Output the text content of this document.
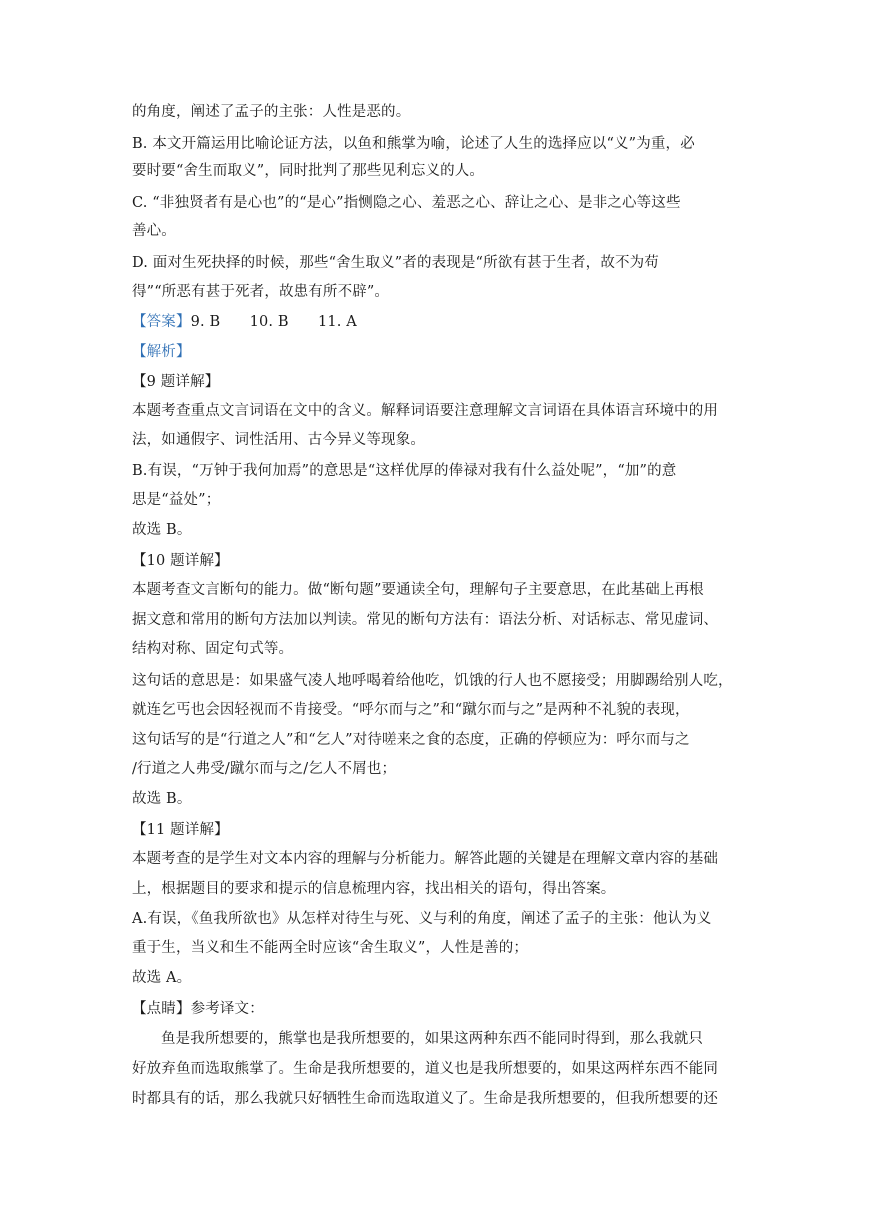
的角度，阐述了孟子的主张：人性是恶的。
B. 本文开篇运用比喻论证方法，以鱼和熊掌为喻，论述了人生的选择应以“义”为重，必
要时要“舍生而取义”，同时批判了那些见利忘义的人。
C. “非独贤者有是心也”的“是心”指恻隐之心、羞恶之心、辞让之心、是非之心等这些
善心。
D. 面对生死抉择的时候，那些“舍生取义”者的表现是“所欲有甚于生者，故不为苟
得”“所恶有甚于死者，故患有所不辟”。
【答案】9. B　　10. B　　11. A
【解析】
【9 题详解】
本题考查重点文言词语在文中的含义。解释词语要注意理解文言词语在具体语言环境中的用
法，如通假字、词性活用、古今异义等现象。
B.有误，“万钟于我何加焉”的意思是“这样优厚的俸禄对我有什么益处呢”，“加”的意
思是“益处”；
故选 B。
【10 题详解】
本题考查文言断句的能力。做“断句题”要通读全句，理解句子主要意思，在此基础上再根
据文意和常用的断句方法加以判读。常见的断句方法有：语法分析、对话标志、常见虚词、
结构对称、固定句式等。
这句话的意思是：如果盛气凌人地呼喝着给他吃，饥饿的行人也不愿接受；用脚踢给别人吃，
就连乞丐也会因轻视而不肯接受。“呼尔而与之”和“蹴尔而与之”是两种不礼貌的表现，
这句话写的是“行道之人”和“乞人”对待嗟来之食的态度，正确的停顿应为：呼尔而与之
/行道之人弗受/蹴尔而与之/乞人不屑也；
故选 B。
【11 题详解】
本题考查的是学生对文本内容的理解与分析能力。解答此题的关键是在理解文章内容的基础
上，根据题目的要求和提示的信息梳理内容，找出相关的语句，得出答案。
A.有误，《鱼我所欲也》从怎样对待生与死、义与利的角度，阐述了孟子的主张：他认为义
重于生，当义和生不能两全时应该“舍生取义”，人性是善的；
故选 A。
【点睛】参考译文：
鱼是我所想要的，熊掌也是我所想要的，如果这两种东西不能同时得到，那么我就只
好放弃鱼而选取熊掌了。生命是我所想要的，道义也是我所想要的，如果这两样东西不能同
时都具有的话，那么我就只好牺牲生命而选取道义了。生命是我所想要的，但我所想要的还
